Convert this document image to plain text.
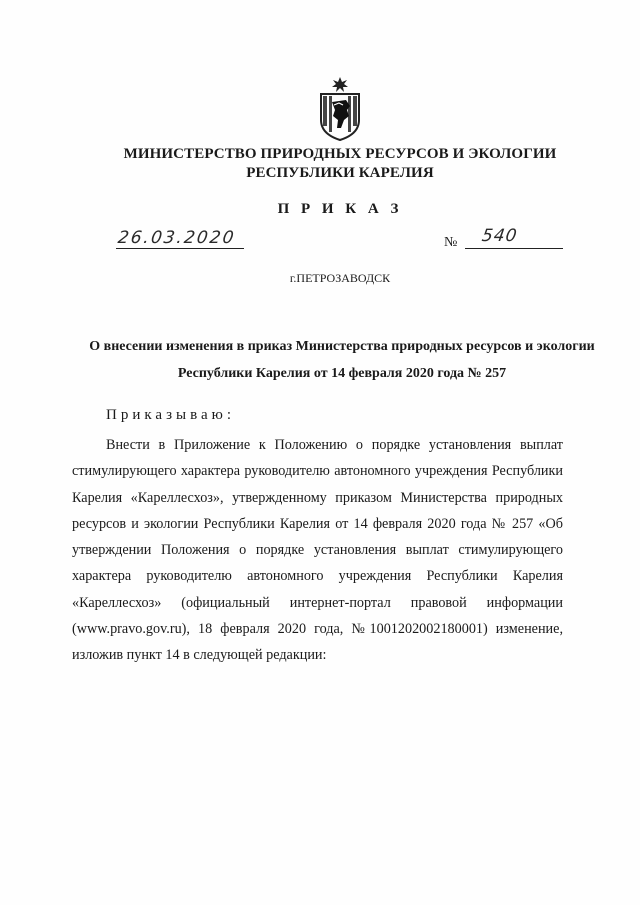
МИНИСТЕРСТВО ПРИРОДНЫХ РЕСУРСОВ И ЭКОЛОГИИ
РЕСПУБЛИКИ КАРЕЛИЯ
П Р И К А З
26.03.2020	№ 540
г.ПЕТРОЗАВОДСК
О внесении изменения в приказ Министерства природных ресурсов и экологии
Республики Карелия от 14 февраля 2020 года № 257
Приказываю:
Внести в Приложение к Положению о порядке установления выплат стимулирующего характера руководителю автономного учреждения Республики Карелия «Кареллесхоз», утвержденному приказом Министерства природных ресурсов и экологии Республики Карелия от 14 февраля 2020 года № 257 «Об утверждении Положения о порядке установления выплат стимулирующего характера руководителю автономного учреждения Республики Карелия «Кареллесхоз» (официальный интернет-портал правовой информации (www.pravo.gov.ru), 18 февраля 2020 года, №1001202002180001) изменение, изложив пункт 14 в следующей редакции:
